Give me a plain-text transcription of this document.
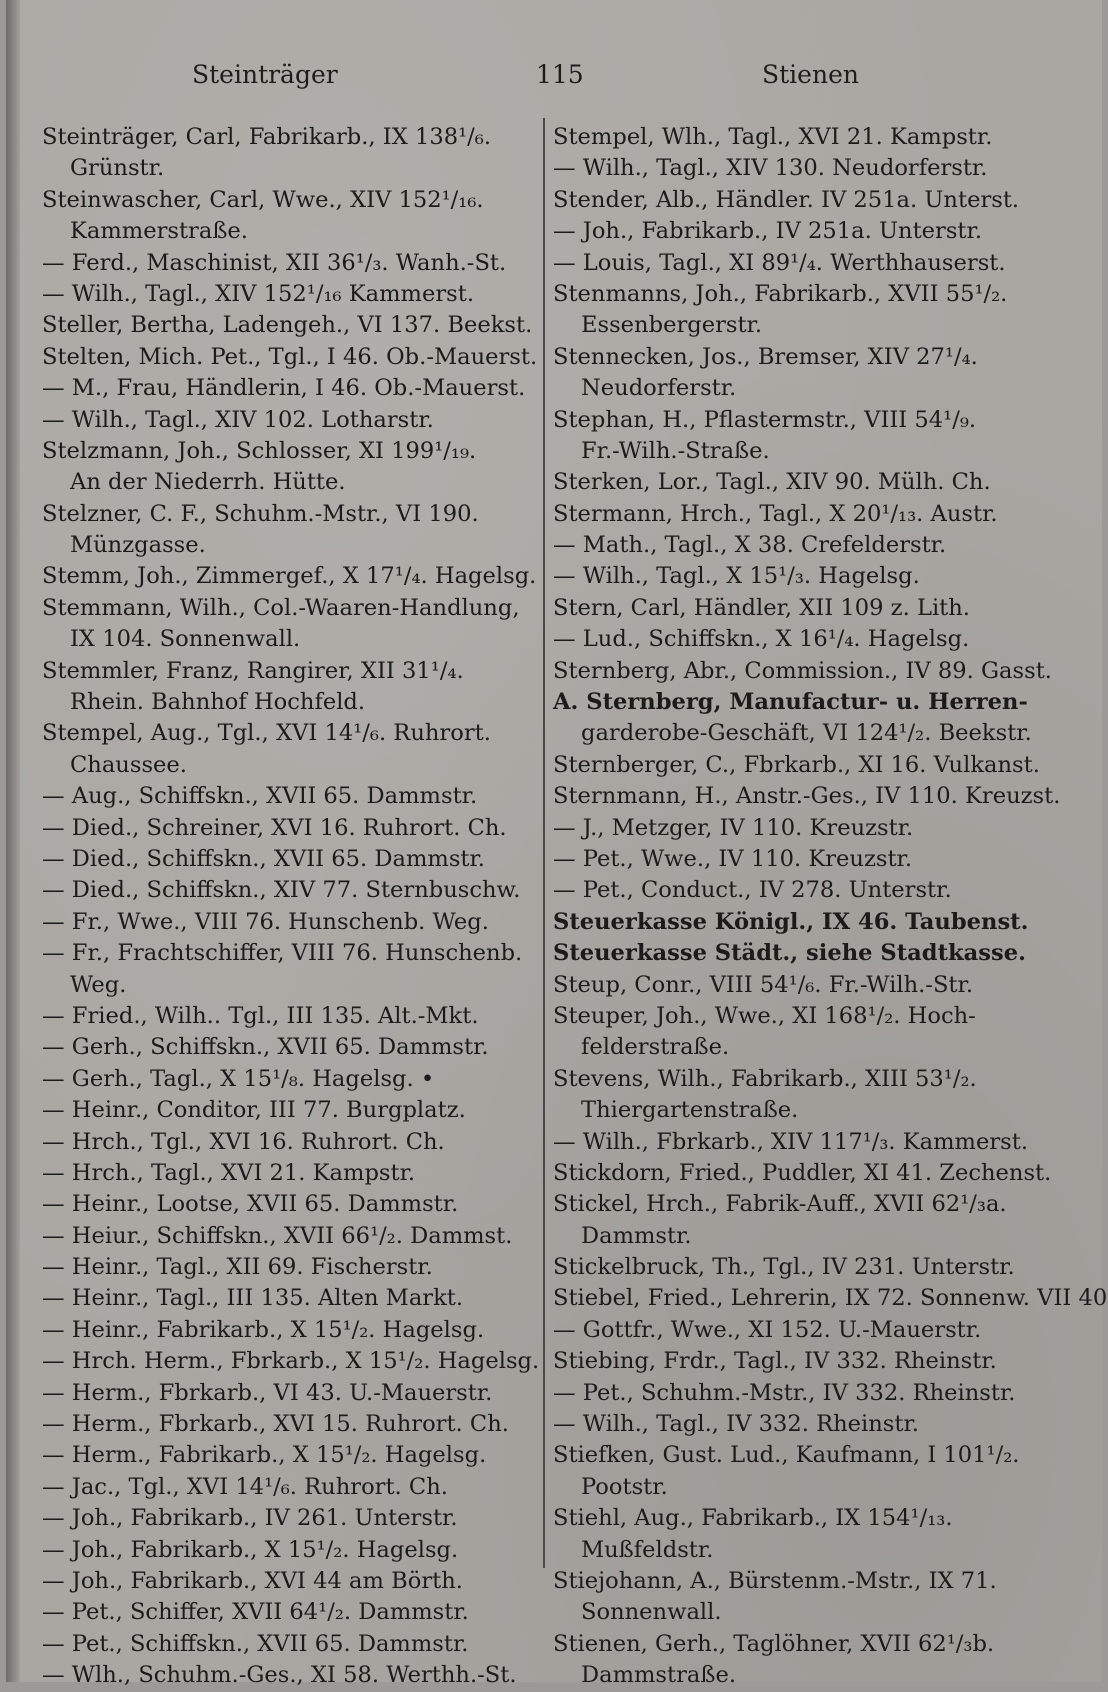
Steinträger	115	Stienen
Steinträger, Carl, Fabrikarb., IX 138¹/₆.
Grünstr.
Steinwascher, Carl, Wwe., XIV 152¹/₁₆.
Kammerstraße.
— Ferd., Maschinist, XII 36¹/₃. Wanh.-St.
— Wilh., Tagl., XIV 152¹/₁₆ Kammerst.
Steller, Bertha, Ladengeh., VI 137. Beekst.
Stelten, Mich. Pet., Tgl., I 46. Ob.-Mauerst.
— M., Frau, Händlerin, I 46. Ob.-Mauerst.
— Wilh., Tagl., XIV 102. Lotharstr.
Stelzmann, Joh., Schlosser, XI 199¹/₁₉.
An der Niederrh. Hütte.
Stelzner, C. F., Schuhm.-Mstr., VI 190.
Münzgasse.
Stemm, Joh., Zimmergef., X 17¹/₄. Hagelsg.
Stemmann, Wilh., Col.-Waaren-Handlung,
IX 104. Sonnenwall.
Stemmler, Franz, Rangirer, XII 31¹/₄.
Rhein. Bahnhof Hochfeld.
Stempel, Aug., Tgl., XVI 14¹/₆. Ruhrort.
Chaussee.
— Aug., Schiffskn., XVII 65. Dammstr.
— Died., Schreiner, XVI 16. Ruhrort. Ch.
— Died., Schiffskn., XVII 65. Dammstr.
— Died., Schiffskn., XIV 77. Sternbuschw.
— Fr., Wwe., VIII 76. Hunschenb. Weg.
— Fr., Frachtschiffer, VIII 76. Hunschenb.
Weg.
— Fried., Wilh.. Tgl., III 135. Alt.-Mkt.
— Gerh., Schiffskn., XVII 65. Dammstr.
— Gerh., Tagl., X 15¹/₈. Hagelsg. •
— Heinr., Conditor, III 77. Burgplatz.
— Hrch., Tgl., XVI 16. Ruhrort. Ch.
— Hrch., Tagl., XVI 21. Kampstr.
— Heinr., Lootse, XVII 65. Dammstr.
— Heiur., Schiffskn., XVII 66¹/₂. Dammst.
— Heinr., Tagl., XII 69. Fischerstr.
— Heinr., Tagl., III 135. Alten Markt.
— Heinr., Fabrikarb., X 15¹/₂. Hagelsg.
— Hrch. Herm., Fbrkarb., X 15¹/₂. Hagelsg.
— Herm., Fbrkarb., VI 43. U.-Mauerstr.
— Herm., Fbrkarb., XVI 15. Ruhrort. Ch.
— Herm., Fabrikarb., X 15¹/₂. Hagelsg.
— Jac., Tgl., XVI 14¹/₆. Ruhrort. Ch.
— Joh., Fabrikarb., IV 261. Unterstr.
— Joh., Fabrikarb., X 15¹/₂. Hagelsg.
— Joh., Fabrikarb., XVI 44 am Börth.
— Pet., Schiffer, XVII 64¹/₂. Dammstr.
— Pet., Schiffskn., XVII 65. Dammstr.
— Wlh., Schuhm.-Ges., XI 58. Werthh.-St.
Stempel, Wlh., Tagl., XVI 21. Kampstr.
— Wilh., Tagl., XIV 130. Neudorferstr.
Stender, Alb., Händler. IV 251a. Unterst.
— Joh., Fabrikarb., IV 251a. Unterstr.
— Louis, Tagl., XI 89¹/₄. Werthhauserst.
Stenmanns, Joh., Fabrikarb., XVII 55¹/₂.
Essenbergerstr.
Stennecken, Jos., Bremser, XIV 27¹/₄.
Neudorferstr.
Stephan, H., Pflastermstr., VIII 54¹/₉.
Fr.-Wilh.-Straße.
Sterken, Lor., Tagl., XIV 90. Mülh. Ch.
Stermann, Hrch., Tagl., X 20¹/₁₃. Austr.
— Math., Tagl., X 38. Crefelderstr.
— Wilh., Tagl., X 15¹/₃. Hagelsg.
Stern, Carl, Händler, XII 109 z. Lith.
— Lud., Schiffskn., X 16¹/₄. Hagelsg.
Sternberg, Abr., Commission., IV 89. Gasst.
A. Sternberg, Manufactur- u. Herren-
garderobe-Geschäft, VI 124¹/₂. Beekstr.
Sternberger, C., Fbrkarb., XI 16. Vulkanst.
Sternmann, H., Anstr.-Ges., IV 110. Kreuzst.
— J., Metzger, IV 110. Kreuzstr.
— Pet., Wwe., IV 110. Kreuzstr.
— Pet., Conduct., IV 278. Unterstr.
Steuerkasse Königl., IX 46. Taubenst.
Steuerkasse Städt., siehe Stadtkasse.
Steup, Conr., VIII 54¹/₆. Fr.-Wilh.-Str.
Steuper, Joh., Wwe., XI 168¹/₂. Hoch-
felderstraße.
Stevens, Wilh., Fabrikarb., XIII 53¹/₂.
Thiergartenstraße.
— Wilh., Fbrkarb., XIV 117¹/₃. Kammerst.
Stickdorn, Fried., Puddler, XI 41. Zechenst.
Stickel, Hrch., Fabrik-Auff., XVII 62¹/₃a.
Dammstr.
Stickelbruck, Th., Tgl., IV 231. Unterstr.
Stiebel, Fried., Lehrerin, IX 72. Sonnenw. VII 40
— Gottfr., Wwe., XI 152. U.-Mauerstr.
Stiebing, Frdr., Tagl., IV 332. Rheinstr.
— Pet., Schuhm.-Mstr., IV 332. Rheinstr.
— Wilh., Tagl., IV 332. Rheinstr.
Stiefken, Gust. Lud., Kaufmann, I 101¹/₂.
Pootstr.
Stiehl, Aug., Fabrikarb., IX 154¹/₁₃.
Mußfeldstr.
Stiejohann, A., Bürstenm.-Mstr., IX 71.
Sonnenwall.
Stienen, Gerh., Taglöhner, XVII 62¹/₃b.
Dammstraße.
